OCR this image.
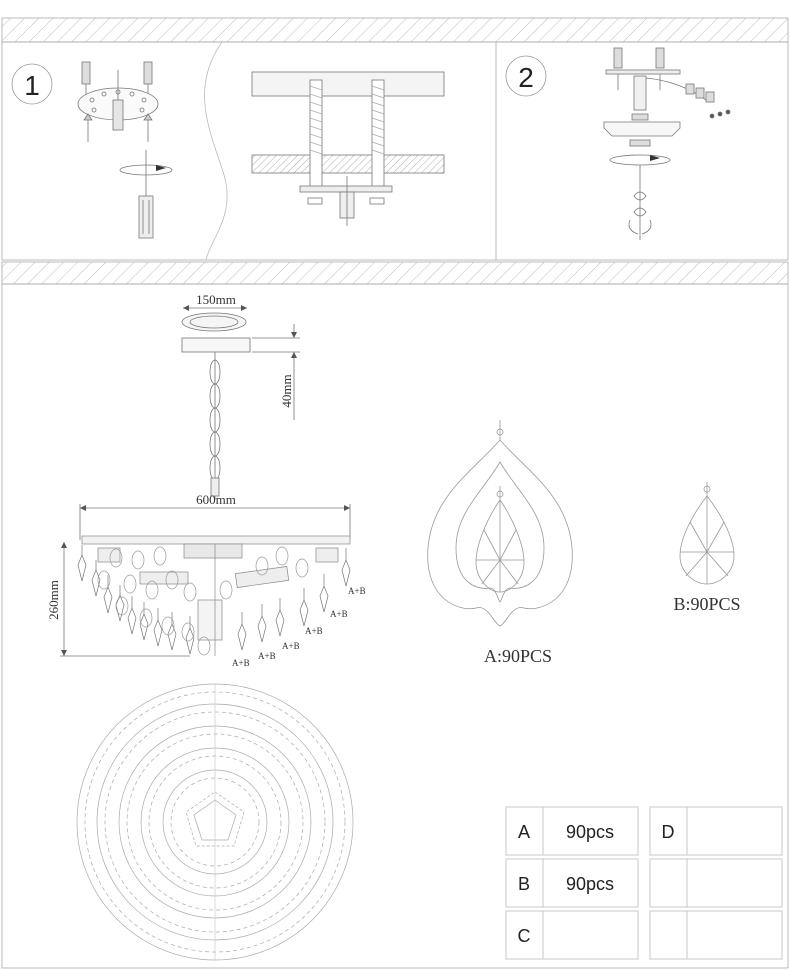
1	2
150mm
40mm
600mm
260mm
A+B
A+B
A+B
A+B
A+B
A+B
A:90PCS
B:90PCS
A 90pcs
B 90pcs
C
D
